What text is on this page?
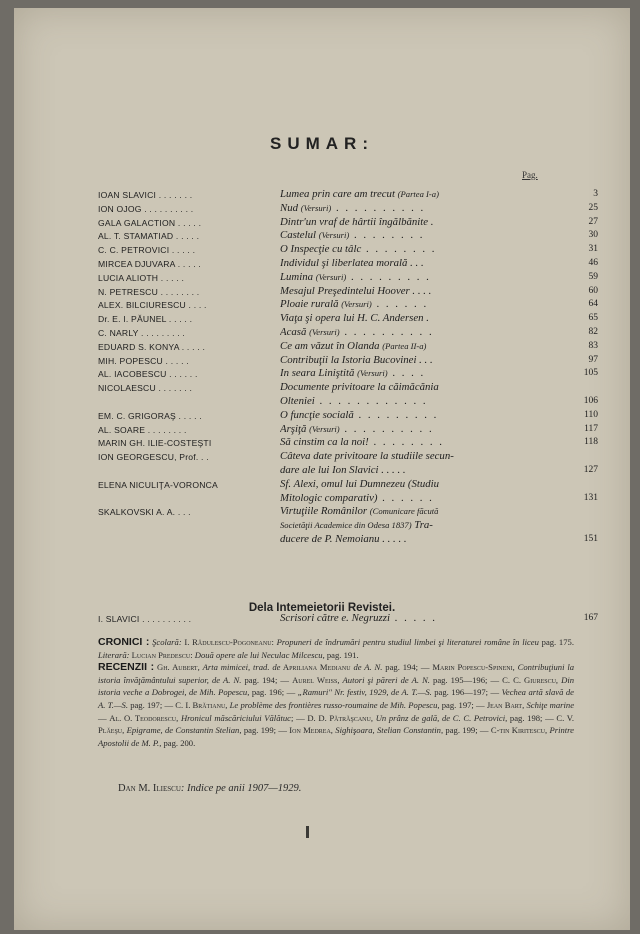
SUMAR:
Pag.
IOAN SLAVICI . . . . . . .	Lumea prin care am trecut (Partea I-a)	3
ION OJOG . . . . . . . . . .	Nud (Versuri) . . . . . . . . . .	25
GALA GALACTION . . . . .	Dintr'un vraf de hârtii îngălbănite .	27
AL. T. STAMATIAD . . . . .	Castelul (Versuri) . . . . . . . .	30
C. C. PETROVICI . . . . .	O Inspecţie cu tâlc . . . . . . . .	31
MIRCEA DJUVARA . . . . .	Individul şi liberlatea morală . . .	46
LUCIA ALIOTH . . . . .	Lumina (Versuri) . . . . . . . . .	59
N. PETRESCU . . . . . . . .	Mesajul Preşedintelui Hoover . . . .	60
ALEX. BILCIURESCU . . . .	Ploaie rurală (Versuri) . . . . . .	64
Dr. E. I. PĂUNEL . . . . .	Viaţa şi opera lui H. C. Andersen .	65
C. NARLY . . . . . . . . .	Acasă (Versuri) . . . . . . . . . .	82
EDUARD S. KONYA . . . . .	Ce am văzut în Olanda (Partea II-a)	83
MIH. POPESCU . . . . .	Contribuţii la Istoria Bucovinei . . .	97
AL. IACOBESCU . . . . . .	In seara Liniştită (Versuri) . . . .	105
NICOLAESCU . . . . . . .	Documente privitoare la căimăcănia
Olteniei . . . . . . . . . . . .	106
EM. C. GRIGORAŞ . . . . .	O funcţie socială . . . . . . . . .	110
AL. SOARE . . . . . . . .	Arşiţă (Versuri) . . . . . . . . . .	117
MARIN GH. ILIE-COSTEŞTI	Să cinstim ca la noi! . . . . . . . .	118
ION GEORGESCU, Prof. . .	Câteva date privitoare la studiile secun-
dare ale lui Ion Slavici . . . . .	127
ELENA NICULIŢA-VORONCA	Sf. Alexi, omul lui Dumnezeu (Studiu
Mitologic comparativ) . . . . . .	131
SKALKOVSKI A. A. . . .	Virtuţiile Românilor (Comunicare făcută
Societăţii Academice din Odesa 1837) Tra-
ducere de P. Nemoianu . . . . .	151
Dela Intemeietorii Revistei.
I. SLAVICI . . . . . . . . . .	Scrisori către e. Negruzzi . . . . .	167
CRONICI : Şcolară: I. Rădulescu-Pogoneanu: Propuneri de îndrumări pentru studiul limbei şi literaturei române în liceu pag. 175. Literară: Lucian Predescu: Două opere ale lui Neculac Milcescu, pag. 191.
RECENZII : Gh. Aubert, Arta mimicei, trad. de Apriliana Medianu de A. N. pag. 194; — Marin Popescu-Spineni, Contribuţiuni la istoria învăţământului superior, de A. N. pag. 194; — Aurel Weiss, Autori şi păreri de A. N. pag. 195—196; — C. C. Giurescu, Din istoria veche a Dobrogei, de Mih. Popescu, pag. 196; — „Ramuri" Nr. festiv, 1929, de A. T.—S. pag. 196—197; — Vechea artă slavă de A. T.—S. pag. 197; — C. I. Brătianu, Le problème des frontières russo-roumaine de Mih. Popescu, pag. 197; — Jean Bart, Schiţe marine — Al. O. Teodorescu, Hronicul măscăriciului Vălătuc; — D. D. Pătrăşcanu, Un prânz de gală, de C. C. Petrovici, pag. 198; — C. V. Plăeşu, Epigrame, de Constantin Stelian, pag. 199; — Ion Medrea, Sighişoara, Stelian Constantin, pag. 199; — C-tin Kiritescu, Printre Apostolii de M. P., pag. 200.
Dan M. Iliescu: Indice pe anii 1907—1929.
